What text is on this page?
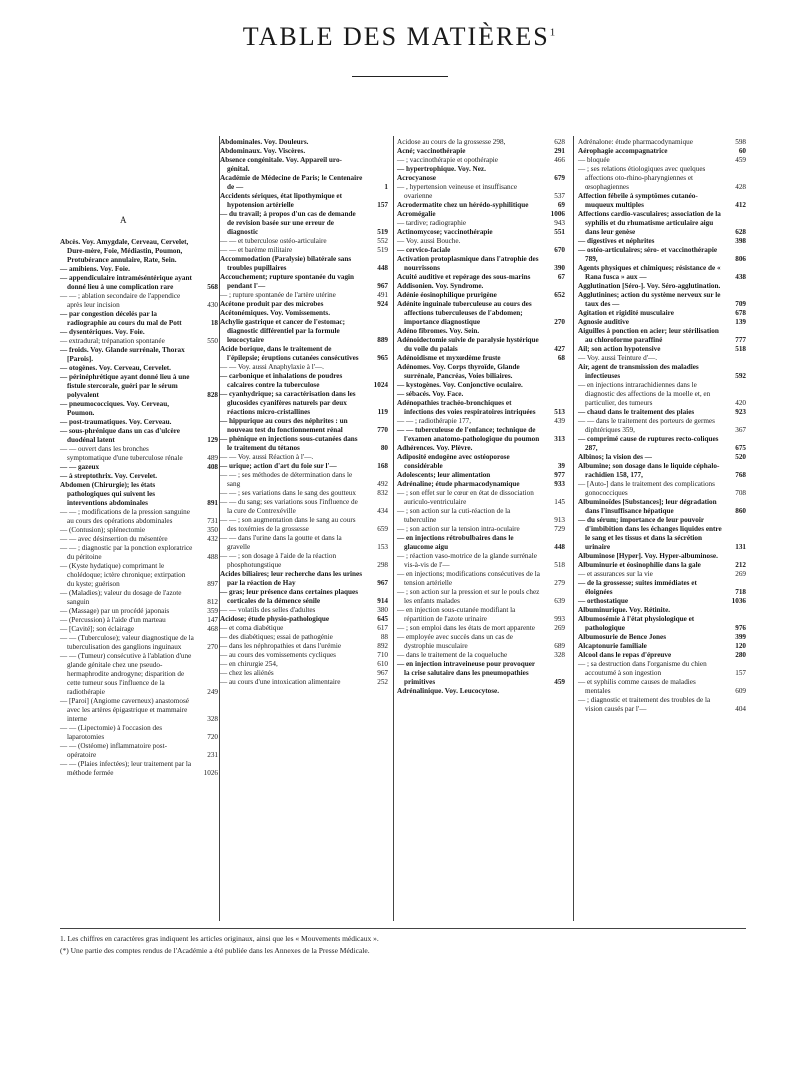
TABLE DES MATIÈRES$^1$
A
Abcès. Voy. Amygdale, Cerveau, Cervelet, Dure-mère, Foie, Médiastin, Poumon, Protubérance annulaire, Rate, Sein.
— amibiens. Voy. Foie.
— appendiculaire intraméséntérique ayant donné lieu à une complication rare	568
— — ; ablation secondaire de l'appendice après leur incision	430
— par congestion décelés par la radiographie au cours du mal de Pott	18
— dysentériques. Voy. Foie.
— extradural; trépanation spontanée	550
— froids. Voy. Glande surrénale, Thorax [Parois].
— otogènes. Voy. Cerveau, Cervelet.
— périnéphrétique ayant donné lieu à une fistule stercorale, guéri par le sérum polyvalent	828
— pneumococciques. Voy. Cerveau, Poumon.
— post-traumatiques. Voy. Cerveau.
— sous-phrénique dans un cas d'ulcère duodénal latent	129
— — ouvert dans les bronches symptomatique d'une tuberculose rénale	489
— — gazeux	408
— à streptothrix. Voy. Cervelet.
Abdomen (Chirurgie); les états pathologiques qui suivent les interventions abdominales	891
— — ; modifications de la pression sanguine au cours des opérations abdominales	731
— (Contusion); splénectomie	350
— — avec désinsertion du mésentère	432
— — ; diagnostic par la ponction exploratrice du péritoine	488
— (Kyste hydatique) comprimant le cholédoque; ictère chronique; extirpation du kyste; guérison	897
— (Maladies); valeur du dosage de l'azote sanguin	812
— (Massage) par un procédé japonais	359
— (Percussion) à l'aide d'un marteau	147
— [Cavité]; son éclairage	468
— — (Tuberculose); valeur diagnostique de la tuberculisation des ganglions inguinaux	270
— — (Tumeur) consécutive à l'ablation d'une glande génitale chez une pseudo-hermaphrodite androgyne; disparition de cette tumeur sous l'influence de la radiothérapie	249
— [Paroi] (Angiome caverneux) anastomosé avec les artères épigastrique et mammaire interne	328
— — (Lipectomie) à l'occasion des laparotomies	720
— — (Ostéome) inflammatoire post-opératoire	231
— — (Plaies infectées); leur traitement par la méthode fermée	1026
Abdominales. Voy. Douleurs.
Abdominaux. Voy. Viscères.
Absence congénitale. Voy. Appareil uro-génital.
Académie de Médecine de Paris; le Centenaire de —	1
Accidents sériques, état lipothymique et hypotension artérielle	157
— du travail; à propos d'un cas de demande de revision basée sur une erreur de diagnostic	519
— — et tuberculose ostéo-articulaire	552
— — et barème militaire	519
Accommodation (Paralysie) bilatérale sans troubles pupillaires	448
Accouchement; rupture spontanée du vagin pendant l'—	967
— ; rupture spontanée de l'artère utérine	491
Acétone produit par des microbes	924
Acétonémiques. Voy. Vomissements.
Achylie gastrique et cancer de l'estomac; diagnostic différentiel par la formule leucocytaire	889
Acide borique, dans le traitement de l'épilepsie; éruptions cutanées consécutives	965
— — Voy. aussi Anaphylaxie à l'—.
— carbonique et inhalations de poudres calcaires contre la tuberculose	1024
— cyanhydrique; sa caractérisation dans les glucosides cyanifères naturels par deux réactions micro-cristallines	119
— hippurique au cours des néphrites : un nouveau test du fonctionnement rénal	770
— phénique en injections sous-cutanées dans le traitement du tétanos	80
— — Voy. aussi Réaction à l'—.
— urique; action d'art du foie sur l'—	168
— — ; ses méthodes de détermination dans le sang	492
— — ; ses variations dans le sang des goutteux	832
— — du sang; ses variations sous l'influence de la cure de Contrexéville	434
— — ; son augmentation dans le sang au cours des toxémies de la grossesse	659
— — dans l'urine dans la goutte et dans la gravelle	153
— — ; son dosage à l'aide de la réaction phosphotungstique	298
Acides biliaires; leur recherche dans les urines par la réaction de Hay	967
— gras; leur présence dans certaines plaques corticales de la démence sénile	914
— — volatils des selles d'adultes	380
Acidose; étude physio-pathologique	645
— et coma diabétique	617
— des diabétiques; essai de pathogénie	88
— dans les néphropathies et dans l'urémie	892
— au cours des vomissements cycliques	710
— en chirurgie 254,	610
— chez les aliénés	967
— au cours d'une intoxication alimentaire	252
Acidose au cours de la grossesse 298,	628
Acné; vaccinothérapie	291
— ; vaccinothérapie et opothérapie	466
— hypertrophique. Voy. Nez.
Acrocyanose	679
— , hypertension veineuse et insuffisance ovarienne	537
Acrodermatite chez un hérédo-syphilitique	69
Acromégalie	1006
— tardive; radiographie	943
Actinomycose; vaccinothérapie	551
— Voy. aussi Bouche.
— cervico-faciale	670
Activation protoplasmique dans l'atrophie des nourrissons	390
Acuité auditive et repérage des sous-marins	67
Addisonien. Voy. Syndrome.
Adénie éosinophilique prurigène	652
Adénite inguinale tuberculeuse au cours des affections tuberculeuses de l'abdomen; importance diagnostique	270
Adéno fibromes. Voy. Sein.
Adénoidectomie suivie de paralysie hystérique du voile du palais	427
Adénoidisme et myxœdème fruste	68
Adénomes. Voy. Corps thyroïde, Glande surrénale, Pancréas, Voies biliaires.
— kystogènes. Voy. Conjonctive oculaire.
— sébacés. Voy. Face.
Adénopathies trachéo-bronchiques et infections des voies respiratoires intriquées	513
— — ; radiothérapie 177,	439
— — tuberculeuse de l'enfance; technique de l'examen anatomo-pathologique du poumon 313
Adhérences. Voy. Plèvre.
Adiposité endogène avec ostéoporose considérable	39
Adolescents; leur alimentation	977
Adrénaline; étude pharmacodynamique	933
— ; son effet sur le cœur en état de dissociation auriculo-ventriculaire	145
— ; son action sur la cuti-réaction de la tuberculine	913
— ; son action sur la tension intra-oculaire	729
— en injections rétrobulbaires dans le glaucome aigu	448
— ; réaction vaso-motrice de la glande surrénale vis-à-vis de l'—	518
— en injections; modifications consécutives de la tension artérielle	279
— ; son action sur la pression et sur le pouls chez les enfants malades	639
— en injection sous-cutanée modifiant la répartition de l'azote urinaire	993
— ; son emploi dans les états de mort apparente	269
— employée avec succès dans un cas de dystrophie musculaire	689
— dans le traitement de la coqueluche	328
— en injection intraveineuse pour provoquer la crise salutaire dans les pneumopathies primitives	459
Adrénalinique. Voy. Leucocytose.
Adrénalone: étude pharmacodynamique	598
Aérophagie accompagnatrice	60
— bloquée	459
— ; ses relations étiologiques avec quelques affections oto-rhino-pharyngiennes et œsophagiennes	428
Affection fébrile à symptômes cutanéo-muqueux multiples	412
Affections cardio-vasculaires; association de la syphilis et du rhumatisme articulaire aigu dans leur genèse	628
— digestives et néphrites	398
— ostéo-articulaires; séro- et vaccinothérapie 789,	806
Agents physiques et chimiques; résistance de « Rana fusca » aux —	438
Agglutination [Séro-]. Voy. Séro-agglutination.
Agglutinines; action du système nerveux sur le taux des —	709
Agitation et rigidité musculaire	678
Agnosie auditive	139
Aiguilles à ponction en acier; leur stérilisation au chloroforme paraffiné	777
Ail; son action hypotensive	518
— Voy. aussi Teinture d'—.
Air, agent de transmission des maladies infectieuses	592
— en injections intrarachidiennes dans le diagnostic des affections de la moelle et, en particulier, des tumeurs	420
— chaud dans le traitement des plaies	923
— — dans le traitement des porteurs de germes diphtériques 359,	367
— comprimé cause de ruptures recto-coliques 287,	675
Albinos; la vision des —	520
Albumine; son dosage dans le liquide céphalo-rachidien 158, 177,	768
— [Auto-] dans le traitement des complications gonococciques	708
Albuminoïdes [Substances]; leur dégradation dans l'insuffisance hépatique	860
— du sérum; importance de leur pouvoir d'imbibition dans les échanges liquides entre le sang et les tissus et dans la sécrétion urinaire	131
Albuminose [Hyper]. Voy. Hyper-albuminose.
Albuminurie et éosinophilie dans la gale	212
— et assurances sur la vie	269
— de la grossesse; suites immédiates et éloignées	718
— orthostatique	1036
Albuminurique. Voy. Rétinite.
Albumosémie à l'état physiologique et pathologique	976
Albumosurie de Bence Jones	399
Alcaptonurie familiale	120
Alcool dans le repas d'épreuve	280
— ; sa destruction dans l'organisme du chien accoutumé à son ingestion	157
— et syphilis comme causes de maladies mentales	609
— ; diagnostic et traitement des troubles de la vision causés par l'—	404
1. Les chiffres en caractères gras indiquent les articles originaux, ainsi que les « Mouvements médicaux ».
(*) Une partie des comptes rendus de l'Académie a été publiée dans les Annexes de la Presse Médicale.
